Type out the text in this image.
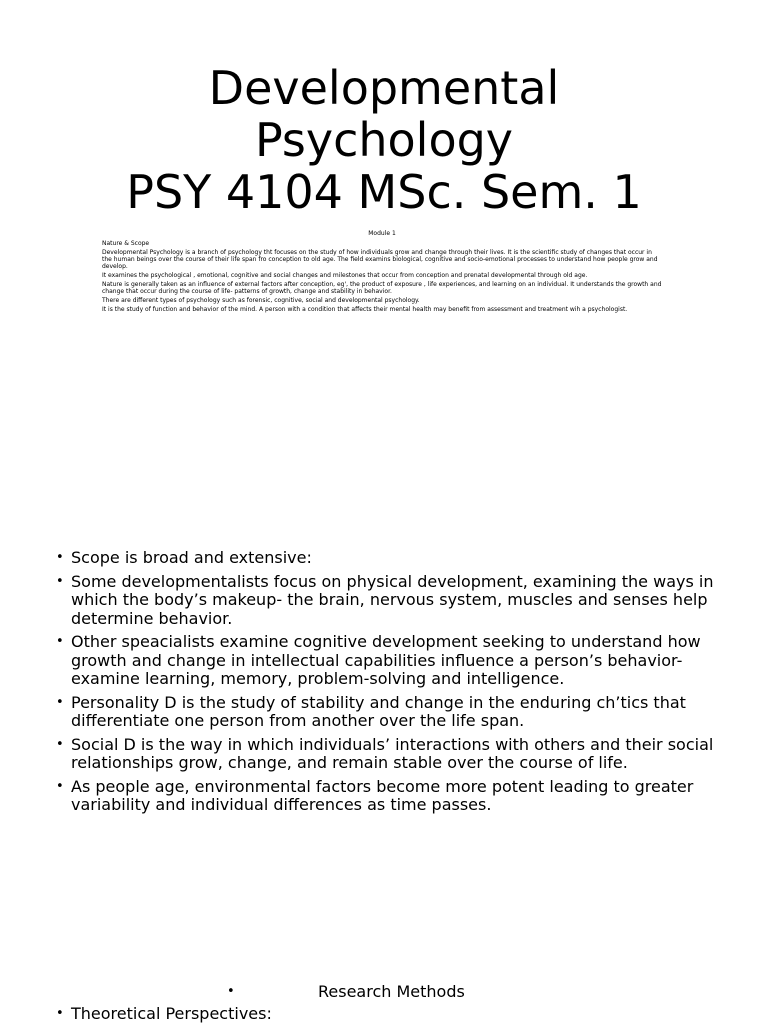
Developmental
Psychology
PSY 4104 MSc. Sem. 1
Module 1
Nature & Scope
Developmental Psychology is a branch of psychology tht focuses on the study of how individuals grow and change through their lives. It is the scientific study of changes that occur in the human beings over the course of their life span fro conception to old age. The field examins biological, cognitive and socio-emotional processes to understand how people grow and develop.
It examines the psychological , emotional, cognitive and social changes and milestones that occur from conception and prenatal developmental through old age.
Nature is generally taken as an influence of external factors after conception, eg', the product of exposure , life experiences, and learning on an individual. It understands the growth and change that occur during the course of life- patterns of growth, change and stability in behavior.
There are different types of psychology such as forensic, cognitive, social and developmental psychology.
It is the study of function and behavior of the mind. A person with a condition that affects their mental health may benefit from assessment and treatment wih a psychologist.
• Scope is broad and extensive:
• Some developmentalists focus on physical development, examining the ways in which the body’s makeup- the brain, nervous system, muscles and senses help determine behavior.
• Other speacialists examine cognitive development seeking to understand how growth and change in intellectual capabilities influence a person’s behavior- examine learning, memory, problem-solving and intelligence.
• Personality D is the study of stability and change in the enduring ch’tics that differentiate one person from another over the life span.
• Social D is the way in which individuals’ interactions with others and their social relationships grow, change, and remain stable over the course of life.
• As people age, environmental factors become more potent leading to greater variability and individual differences as time passes.
•	Research Methods
• Theoretical Perspectives:
